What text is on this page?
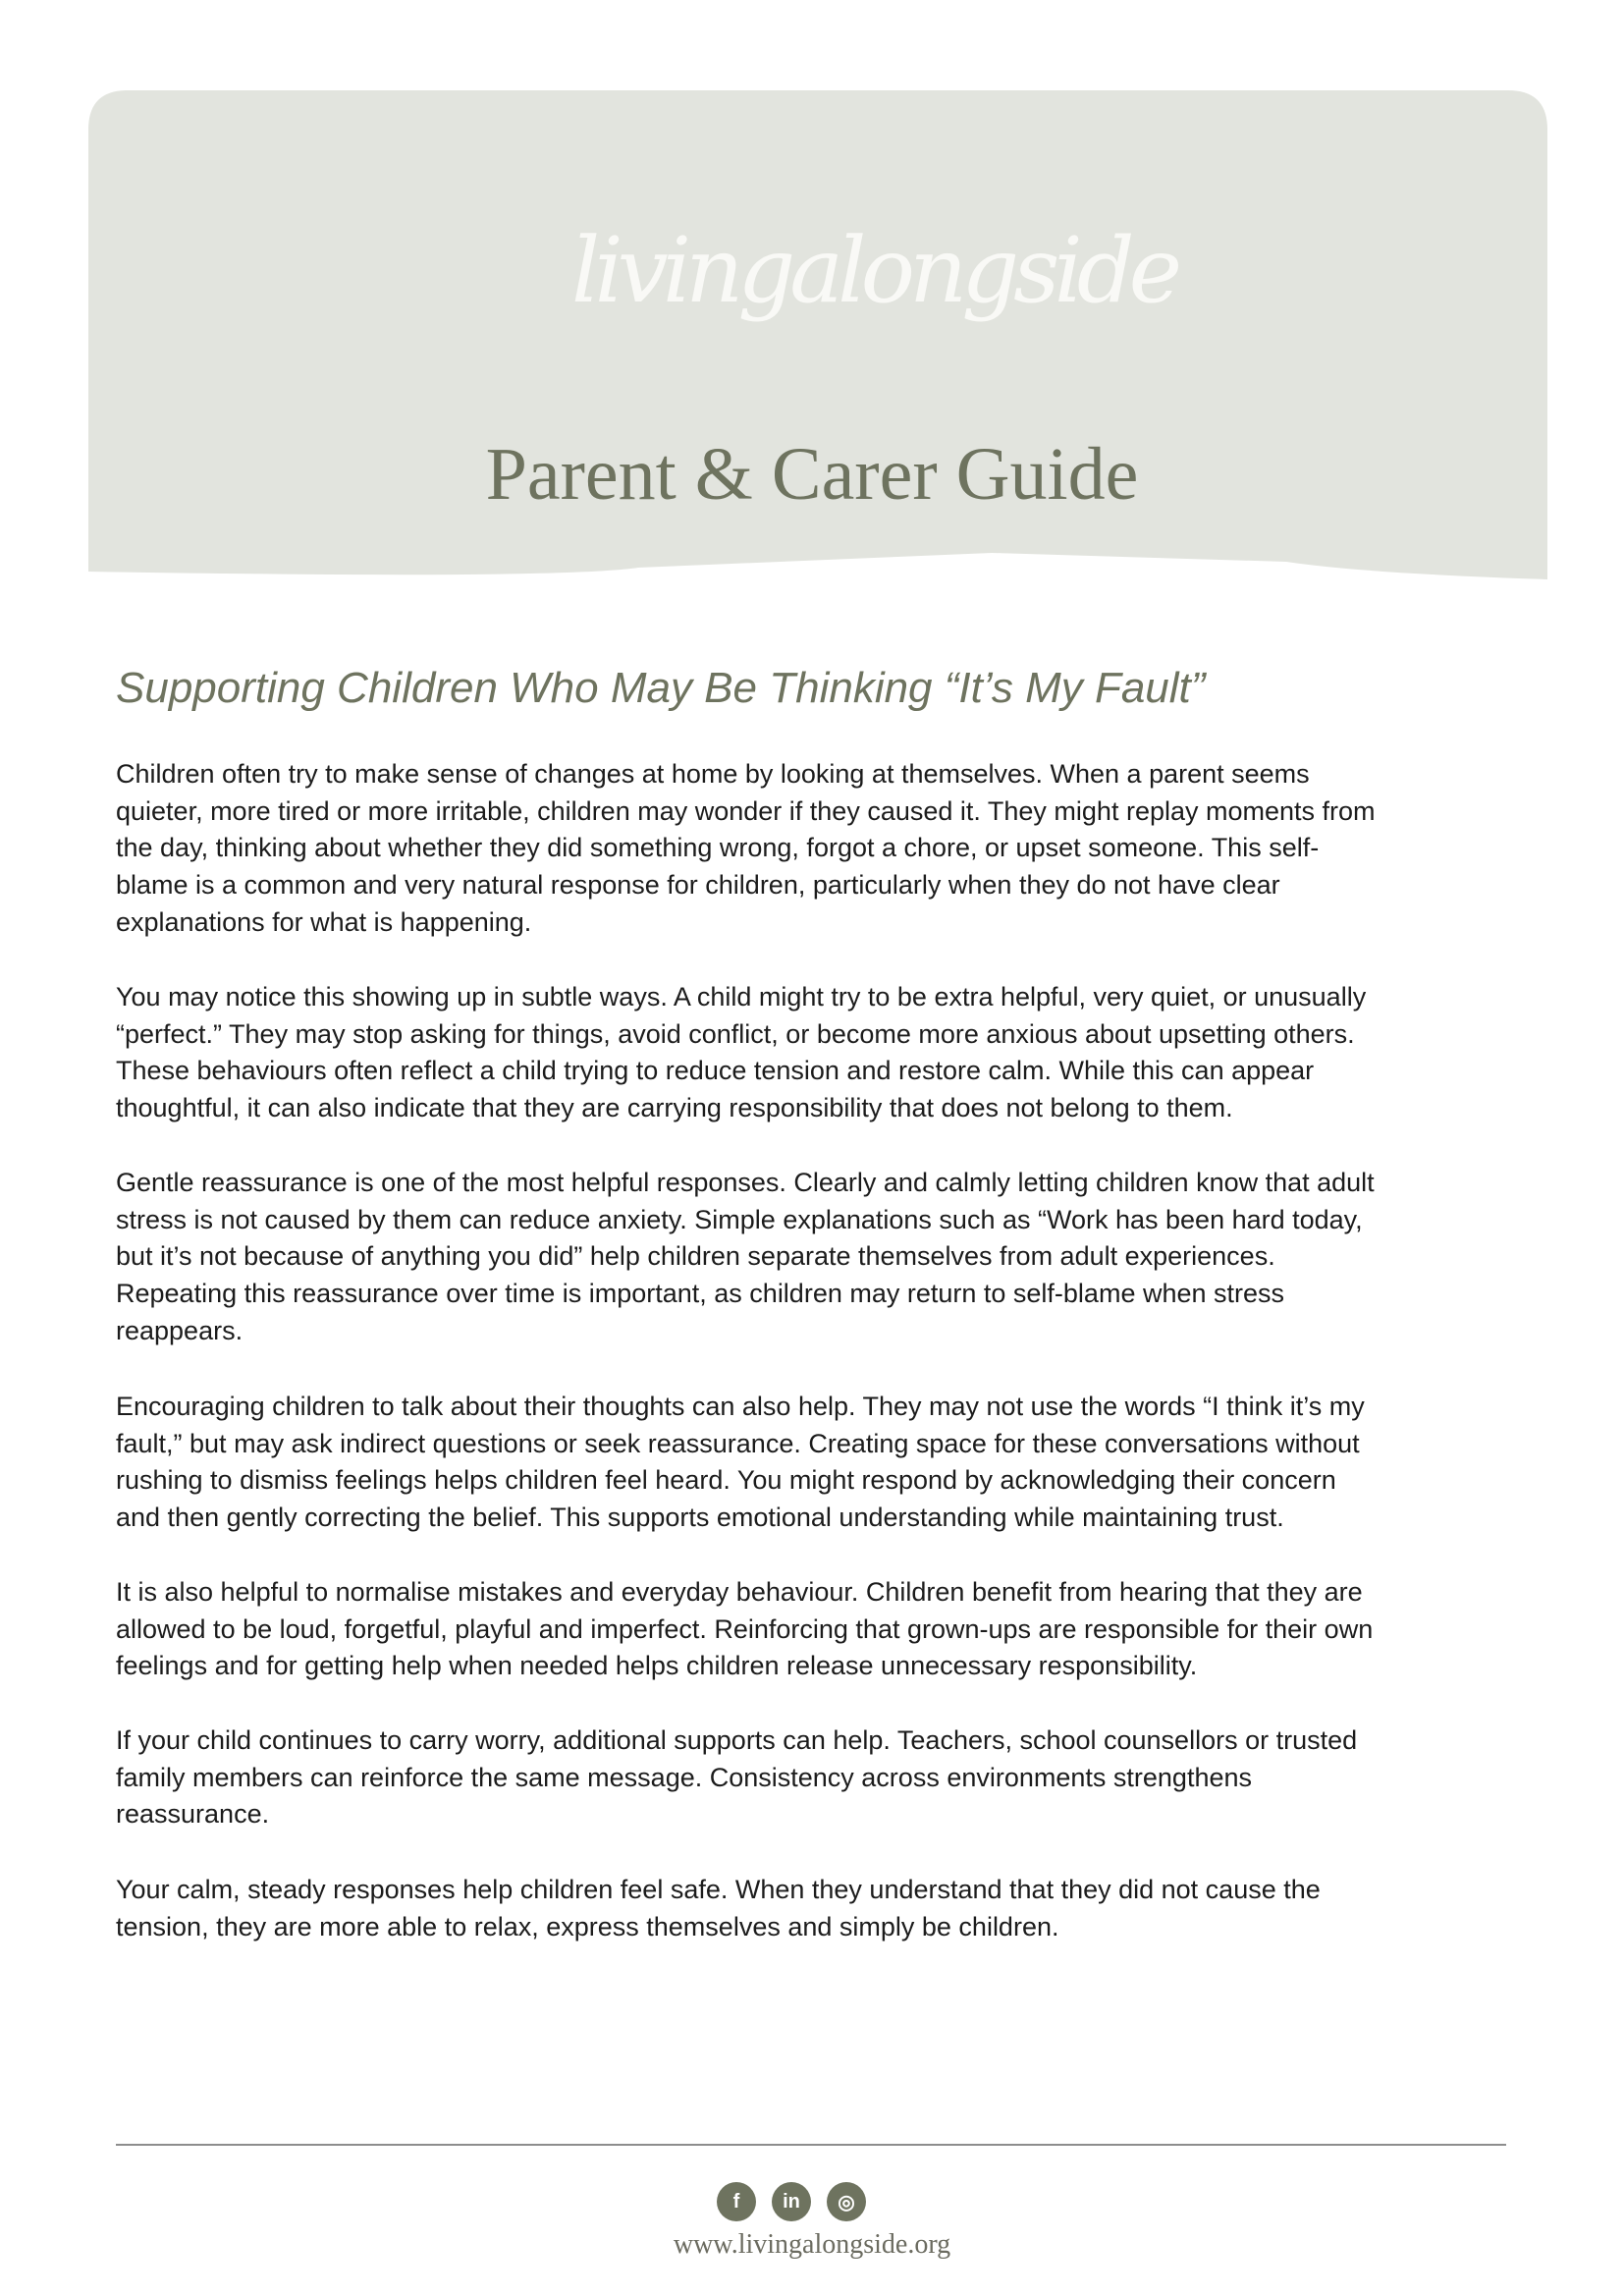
livingalongside
Parent & Carer Guide
Supporting Children Who May Be Thinking “It’s My Fault”
Children often try to make sense of changes at home by looking at themselves. When a parent seems
quieter, more tired or more irritable, children may wonder if they caused it. They might replay moments from
the day, thinking about whether they did something wrong, forgot a chore, or upset someone. This self-
blame is a common and very natural response for children, particularly when they do not have clear
explanations for what is happening.
You may notice this showing up in subtle ways. A child might try to be extra helpful, very quiet, or unusually
“perfect.” They may stop asking for things, avoid conflict, or become more anxious about upsetting others.
These behaviours often reflect a child trying to reduce tension and restore calm. While this can appear
thoughtful, it can also indicate that they are carrying responsibility that does not belong to them.
Gentle reassurance is one of the most helpful responses. Clearly and calmly letting children know that adult
stress is not caused by them can reduce anxiety. Simple explanations such as “Work has been hard today,
but it’s not because of anything you did” help children separate themselves from adult experiences.
Repeating this reassurance over time is important, as children may return to self-blame when stress
reappears.
Encouraging children to talk about their thoughts can also help. They may not use the words “I think it’s my
fault,” but may ask indirect questions or seek reassurance. Creating space for these conversations without
rushing to dismiss feelings helps children feel heard. You might respond by acknowledging their concern
and then gently correcting the belief. This supports emotional understanding while maintaining trust.
It is also helpful to normalise mistakes and everyday behaviour. Children benefit from hearing that they are
allowed to be loud, forgetful, playful and imperfect. Reinforcing that grown-ups are responsible for their own
feelings and for getting help when needed helps children release unnecessary responsibility.
If your child continues to carry worry, additional supports can help. Teachers, school counsellors or trusted
family members can reinforce the same message. Consistency across environments strengthens
reassurance.
Your calm, steady responses help children feel safe. When they understand that they did not cause the
tension, they are more able to relax, express themselves and simply be children.
f	in	◎
www.livingalongside.org
